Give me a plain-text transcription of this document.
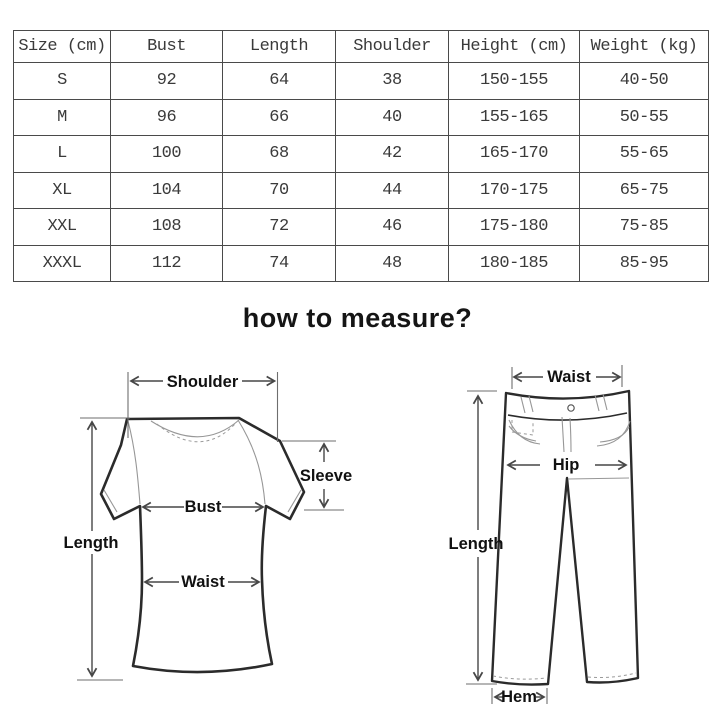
Size (cm)	Bust	Length	Shoulder	Height (cm)	Weight (kg)
S	92	64	38	150-155	40-50
M	96	66	40	155-165	50-55
L	100	68	42	165-170	55-65
XL	104	70	44	170-175	65-75
XXL	108	72	46	175-180	75-85
XXXL	112	74	48	180-185	85-95
how to measure?
Shoulder
Length
Sleeve
Bust
Waist
Waist
Length
Hip
Hem
